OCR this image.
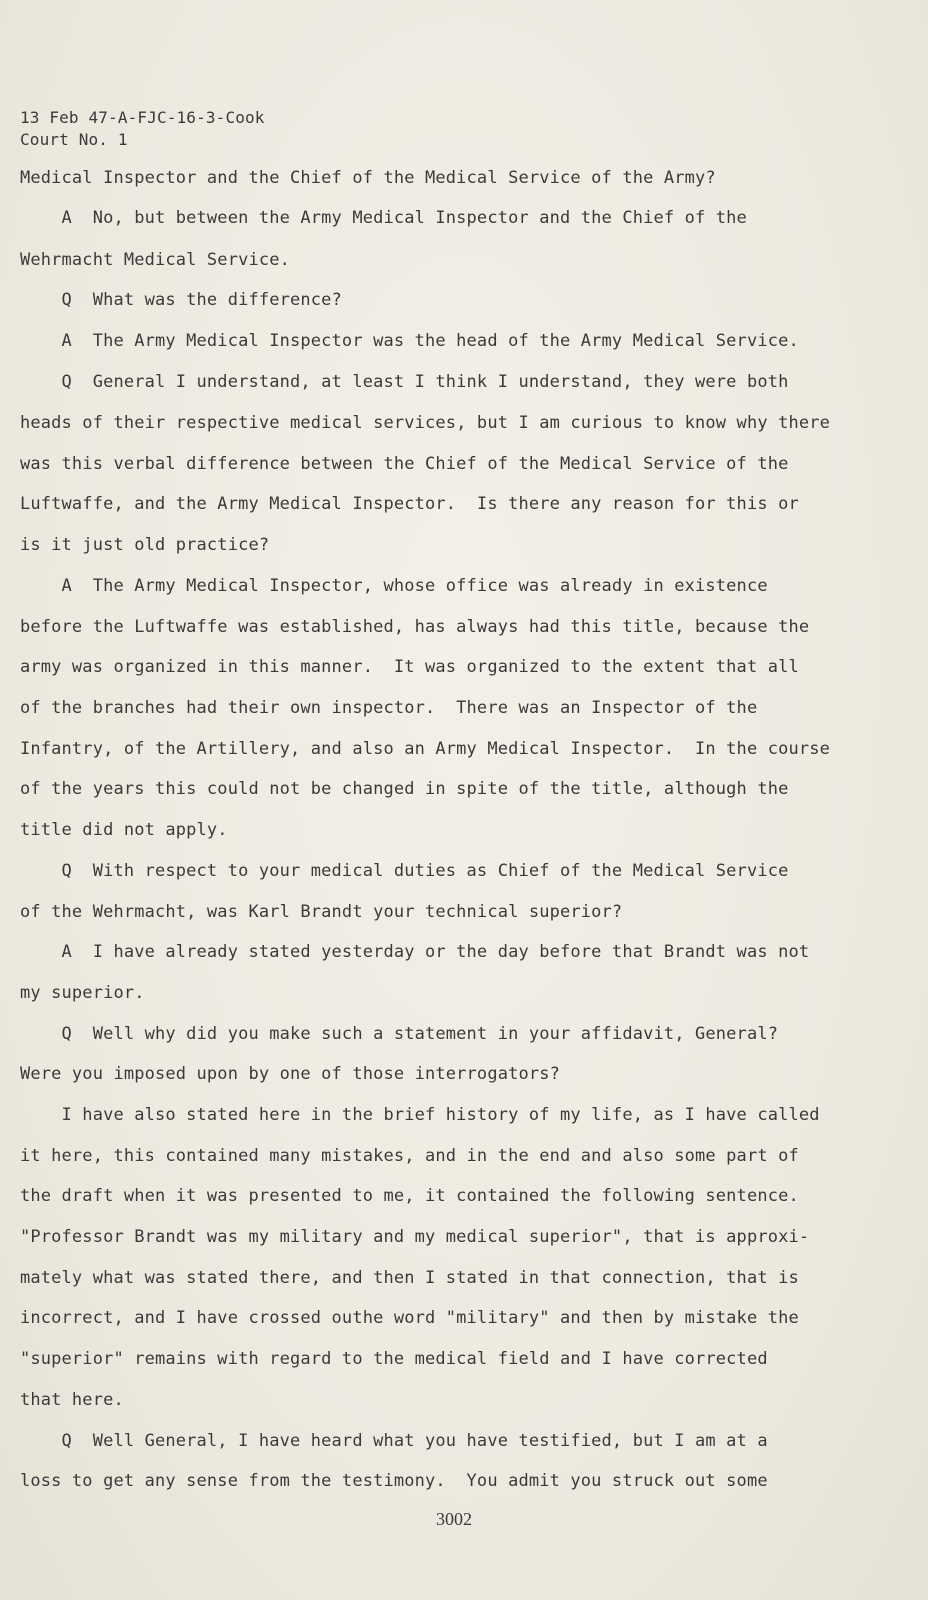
13 Feb 47-A-FJC-16-3-Cook
Court No. 1
Medical Inspector and the Chief of the Medical Service of the Army?
A  No, but between the Army Medical Inspector and the Chief of the
Wehrmacht Medical Service.
Q  What was the difference?
A  The Army Medical Inspector was the head of the Army Medical Service.
Q  General I understand, at least I think I understand, they were both
heads of their respective medical services, but I am curious to know why there
was this verbal difference between the Chief of the Medical Service of the
Luftwaffe, and the Army Medical Inspector.  Is there any reason for this or
is it just old practice?
A  The Army Medical Inspector, whose office was already in existence
before the Luftwaffe was established, has always had this title, because the
army was organized in this manner.  It was organized to the extent that all
of the branches had their own inspector.  There was an Inspector of the
Infantry, of the Artillery, and also an Army Medical Inspector.  In the course
of the years this could not be changed in spite of the title, although the
title did not apply.
Q  With respect to your medical duties as Chief of the Medical Service
of the Wehrmacht, was Karl Brandt your technical superior?
A  I have already stated yesterday or the day before that Brandt was not
my superior.
Q  Well why did you make such a statement in your affidavit, General?
Were you imposed upon by one of those interrogators?
I have also stated here in the brief history of my life, as I have called
it here, this contained many mistakes, and in the end and also some part of
the draft when it was presented to me, it contained the following sentence.
"Professor Brandt was my military and my medical superior", that is approxi-
mately what was stated there, and then I stated in that connection, that is
incorrect, and I have crossed outhe word "military" and then by mistake the
"superior" remains with regard to the medical field and I have corrected
that here.
Q  Well General, I have heard what you have testified, but I am at a
loss to get any sense from the testimony.  You admit you struck out some
3002
